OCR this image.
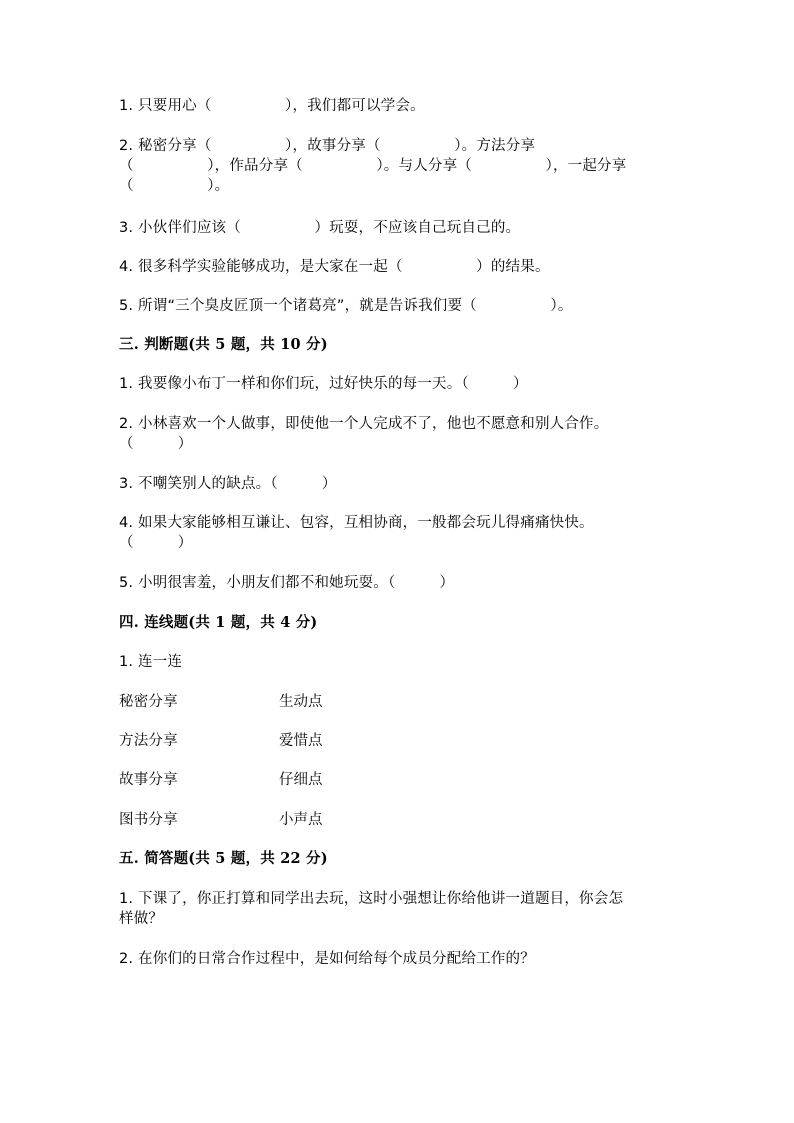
1. 只要用心（　　　　　），我们都可以学会。
2. 秘密分享（　　　　　），故事分享（　　　　　）。方法分享
（　　　　　），作品分享（　　　　　）。与人分享（　　　　　），一起分享
（　　　　　）。
3. 小伙伴们应该（　　　　　）玩耍，不应该自己玩自己的。
4. 很多科学实验能够成功，是大家在一起（　　　　　）的结果。
5. 所谓“三个臭皮匠顶一个诸葛亮”，就是告诉我们要（　　　　　）。
三. 判断题(共 5 题，共 10 分)
1. 我要像小布丁一样和你们玩，过好快乐的每一天。（　　　）
2. 小林喜欢一个人做事，即使他一个人完成不了，他也不愿意和别人合作。
（　　　）
3. 不嘲笑别人的缺点。（　　　）
4. 如果大家能够相互谦让、包容，互相协商，一般都会玩儿得痛痛快快。
（　　　）
5. 小明很害羞，小朋友们都不和她玩耍。（　　　）
四. 连线题(共 1 题，共 4 分)
1. 连一连
秘密分享	生动点
方法分享	爱惜点
故事分享	仔细点
图书分享	小声点
五. 简答题(共 5 题，共 22 分)
1. 下课了，你正打算和同学出去玩，这时小强想让你给他讲一道题目，你会怎
样做？
2. 在你们的日常合作过程中，是如何给每个成员分配给工作的？
